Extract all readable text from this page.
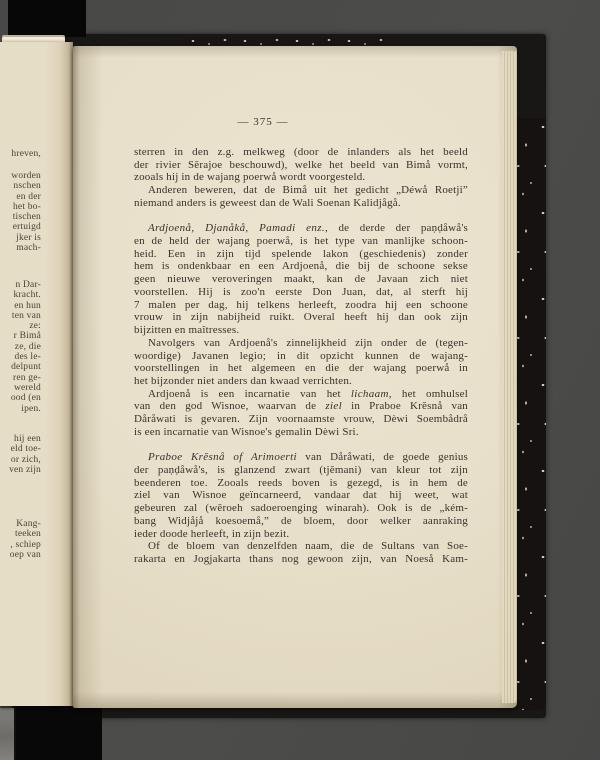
hreven,
worden
nschen
en der
het bo-
tischen
ertuigd
jker is
mach-
n Dar-
kracht.
en hun
ten van
ze:
r Bimå
ze, die
des le-
delpunt
ren ge-
wereld
ood (en
ipen.
hij een
eld toe-
or zich,
ven zijn
Kang-
teeken
, schiep
oep van
— 375 —
sterren in den z.g. melkweg (door de inlanders als het beeld
der rivier Sĕrajoe beschouwd), welke het beeld van Bimå vormt,
zooals hij in de wajang poerwå wordt voorgesteld.
Anderen beweren, dat de Bimå uit het gedicht „Déwå Roetji”
niemand anders is geweest dan de Wali Soenan Kalidjågå.
Ardjoenå, Djanåkå, Pamadi enz., de derde der paṇḍåwå's
en de held der wajang poerwå, is het type van manlijke schoon-
heid. Een in zijn tijd spelende lakon (geschiedenis) zonder
hem is ondenkbaar en een Ardjoenå, die bij de schoone sekse
geen nieuwe veroveringen maakt, kan de Javaan zich niet
voorstellen. Hij is zoo'n eerste Don Juan, dat, al sterft hij
7 malen per dag, hij telkens herleeft, zoodra hij een schoone
vrouw in zijn nabijheid ruikt. Overal heeft hij dan ook zijn
bijzitten en maîtresses.
Navolgers van Ardjoenå's zinnelijkheid zijn onder de (tegen-
woordige) Javanen legio; in dit opzicht kunnen de wajang-
voorstellingen in het algemeen en die der wajang poerwå in
het bijzonder niet anders dan kwaad verrichten.
Ardjoenå is een incarnatie van het lichaam, het omhulsel
van den god Wisnoe, waarvan de ziel in Praboe Krĕsnå van
Dåråwati is gevaren. Zijn voornaamste vrouw, Dèwi Soembådrå
is een incarnatie van Wisnoe's gemalin Dèwi Sri.
Praboe Krĕsnå of Arimoerti van Dåråwati, de goede genius
der paṇḍåwå's, is glanzend zwart (tjĕmani) van kleur tot zijn
beenderen toe. Zooals reeds boven is gezegd, is in hem de
ziel van Wisnoe geïncarneerd, vandaar dat hij weet, wat
gebeuren zal (wĕroeh sadoeroenging winarah). Ook is de „kém-
bang Widjåjå koesoemå,” de bloem, door welker aanraking
ieder doode herleeft, in zijn bezit.
Of de bloem van denzelfden naam, die de Sultans van Soe-
rakarta en Jogjakarta thans nog gewoon zijn, van Noeså Kam-
